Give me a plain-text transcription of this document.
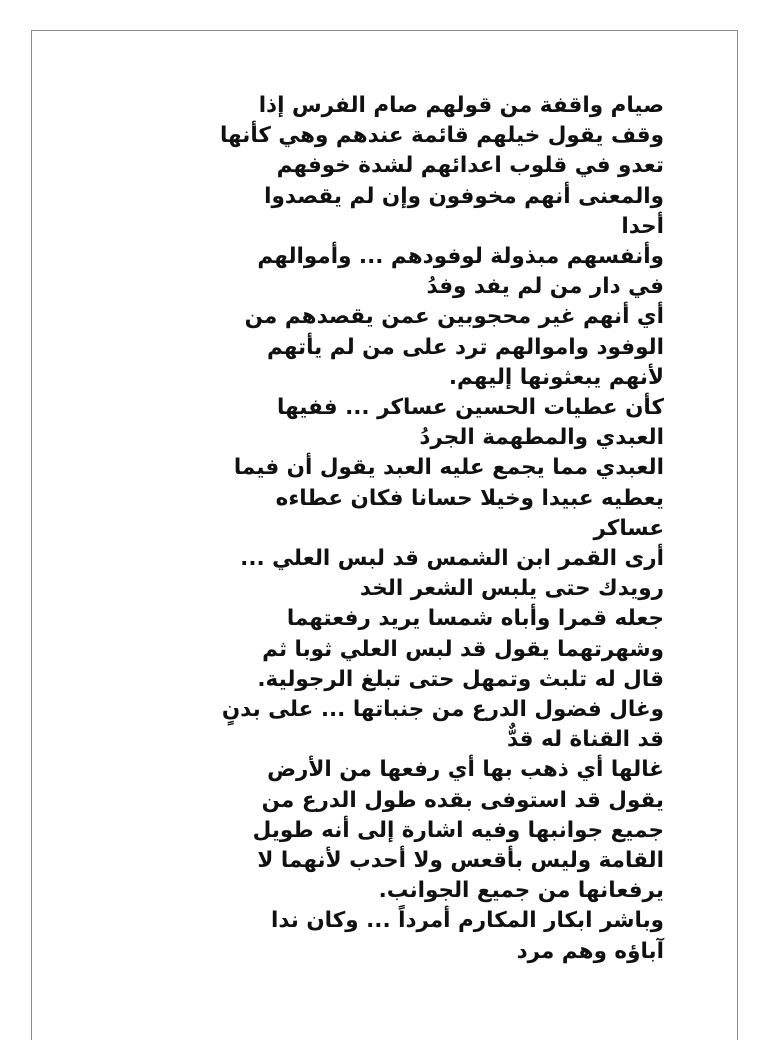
صيام واقفة من قولهم صام الفرس إذا
وقف يقول خيلهم قائمة عندهم وهي كأنها
تعدو في قلوب اعدائهم لشدة خوفهم
والمعنى أنهم مخوفون وإن لم يقصدوا
أحدا
وأنفسهم مبذولة لوفودهم ... وأموالهم
في دار من لم يفد وفدُ
أي أنهم غير محجوبين عمن يقصدهم من
الوفود واموالهم ترد على من لم يأتهم
لأنهم يبعثونها إليهم.
كأن عطيات الحسين عساكر ... ففيها
العبدي والمطهمة الجردُ
العبدي مما يجمع عليه العبد يقول أن فيما
يعطيه عبيدا وخيلا حسانا فكان عطاءه
عساكر
أرى القمر ابن الشمس قد لبس العلي ...
رويدك حتى يلبس الشعر الخد
جعله قمرا وأباه شمسا يريد رفعتهما
وشهرتهما يقول قد لبس العلي ثوبا ثم
قال له تلبث وتمهل حتى تبلغ الرجولية.
وغال فضول الدرع من جنباتها ... على بدنٍ
قد القناة له قدٌّ
غالها أي ذهب بها أي رفعها من الأرض
يقول قد استوفى بقده طول الدرع من
جميع جوانبها وفيه اشارة إلى أنه طويل
القامة وليس بأقعس ولا أحدب لأنهما لا
يرفعانها من جميع الجوانب.
وباشر ابكار المكارم أمرداً ... وكان ندا
آباؤه وهم مرد
